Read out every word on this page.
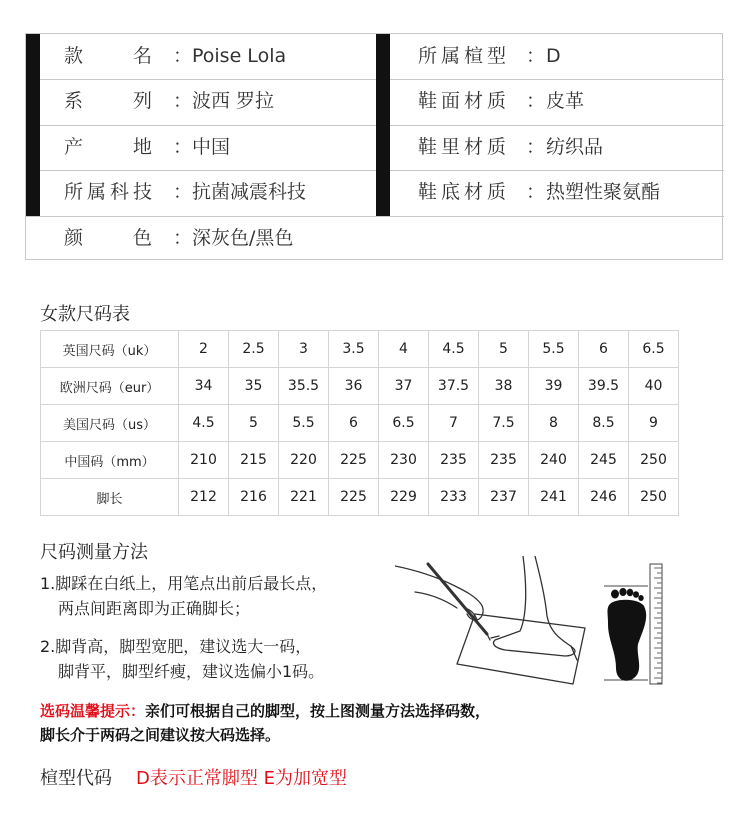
款	名 ： Poise Lola	所属楦型 ： D
系	列 ： 波西 罗拉	鞋面材质 ： 皮革
产	地 ： 中国	鞋里材质 ： 纺织品
所属科技 ： 抗菌减震科技	鞋底材质 ： 热塑性聚氨酯
颜	色 ： 深灰色/黑色
女款尺码表
英国尺码（uk）	2	2.5	3	3.5	4	4.5	5	5.5	6	6.5
欧洲尺码（eur）	34	35	35.5	36	37	37.5	38	39	39.5	40
美国尺码（us）	4.5	5	5.5	6	6.5	7	7.5	8	8.5	9
中国码（mm）	210	215	220	225	230	235	235	240	245	250
脚长	212	216	221	225	229	233	237	241	246	250
尺码测量方法
1.脚踩在白纸上，用笔点出前后最长点，
两点间距离即为正确脚长；
2.脚背高，脚型宽肥，建议选大一码，
脚背平，脚型纤瘦，建议选偏小1码。
选码温馨提示：亲们可根据自己的脚型，按上图测量方法选择码数，
脚长介于两码之间建议按大码选择。
楦型代码 D表示正常脚型 E为加宽型
